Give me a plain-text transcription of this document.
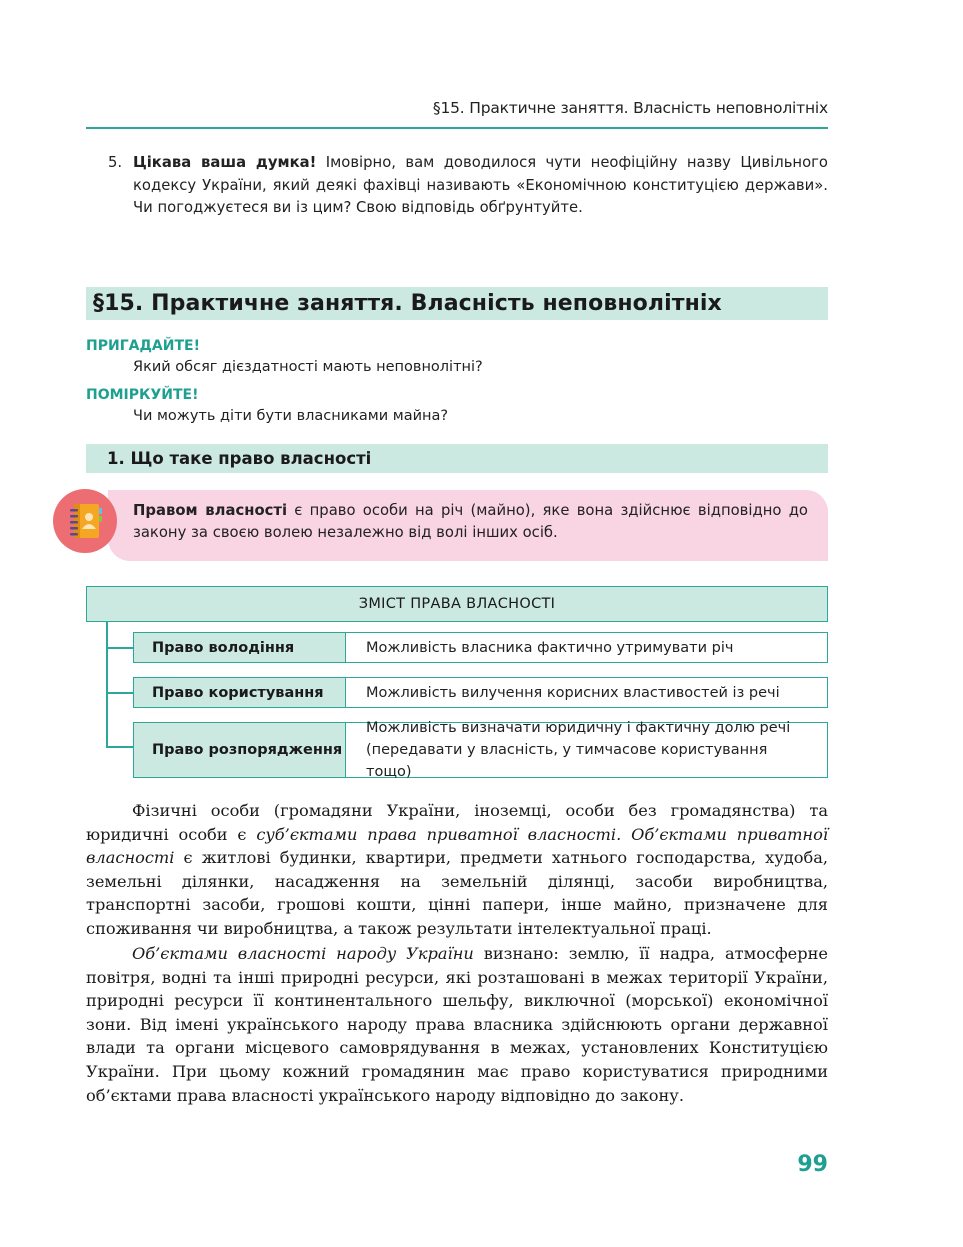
§15. Практичне заняття. Власність неповнолітніх
5. Цікава ваша думка! Імовірно, вам доводилося чути неофіційну назву Цивільного кодексу України, який деякі фахівці називають «Економічною конституцією держави». Чи погоджуєтеся ви із цим? Свою відповідь обґрунтуйте.
§15. Практичне заняття. Власність неповнолітніх
ПРИГАДАЙТЕ!
Який обсяг дієздатності мають неповнолітні?
ПОМІРКУЙТЕ!
Чи можуть діти бути власниками майна?
1. Що таке право власності
Правом власності є право особи на річ (майно), яке вона здійснює відповідно до закону за своєю волею незалежно від волі інших осіб.
ЗМІСТ ПРАВА ВЛАСНОСТІ
Право володіння	Можливість власника фактично утримувати річ
Право користування	Можливість вилучення корисних властивостей із речі
Право розпорядження
Можливість визначати юридичну і фактичну долю речі (передавати у власність, у тимчасове користування тощо)

Фізичні особи (громадяни України, іноземці, особи без громадянства) та юридичні особи є суб’єктами права приватної власності. Об’єктами приватної власності є житлові будинки, квартири, предмети хатнього господарства, худоба, земельні ділянки, насадження на земельній ділянці, засоби виробництва, транспортні засоби, грошові кошти, цінні папери, інше майно, призначене для споживання чи виробництва, а також результати інтелектуальної праці.

Об’єктами власності народу України визнано: землю, її надра, атмосферне повітря, водні та інші природні ресурси, які розташовані в межах території України, природні ресурси її континентального шельфу, виключної (морської) економічної зони. Від імені українського народу права власника здійснюють органи державної влади та органи місцевого самоврядування в межах, установлених Конституцією України. При цьому кожний громадянин має право користуватися природними об’єктами права власності українського народу відповідно до закону.

99
